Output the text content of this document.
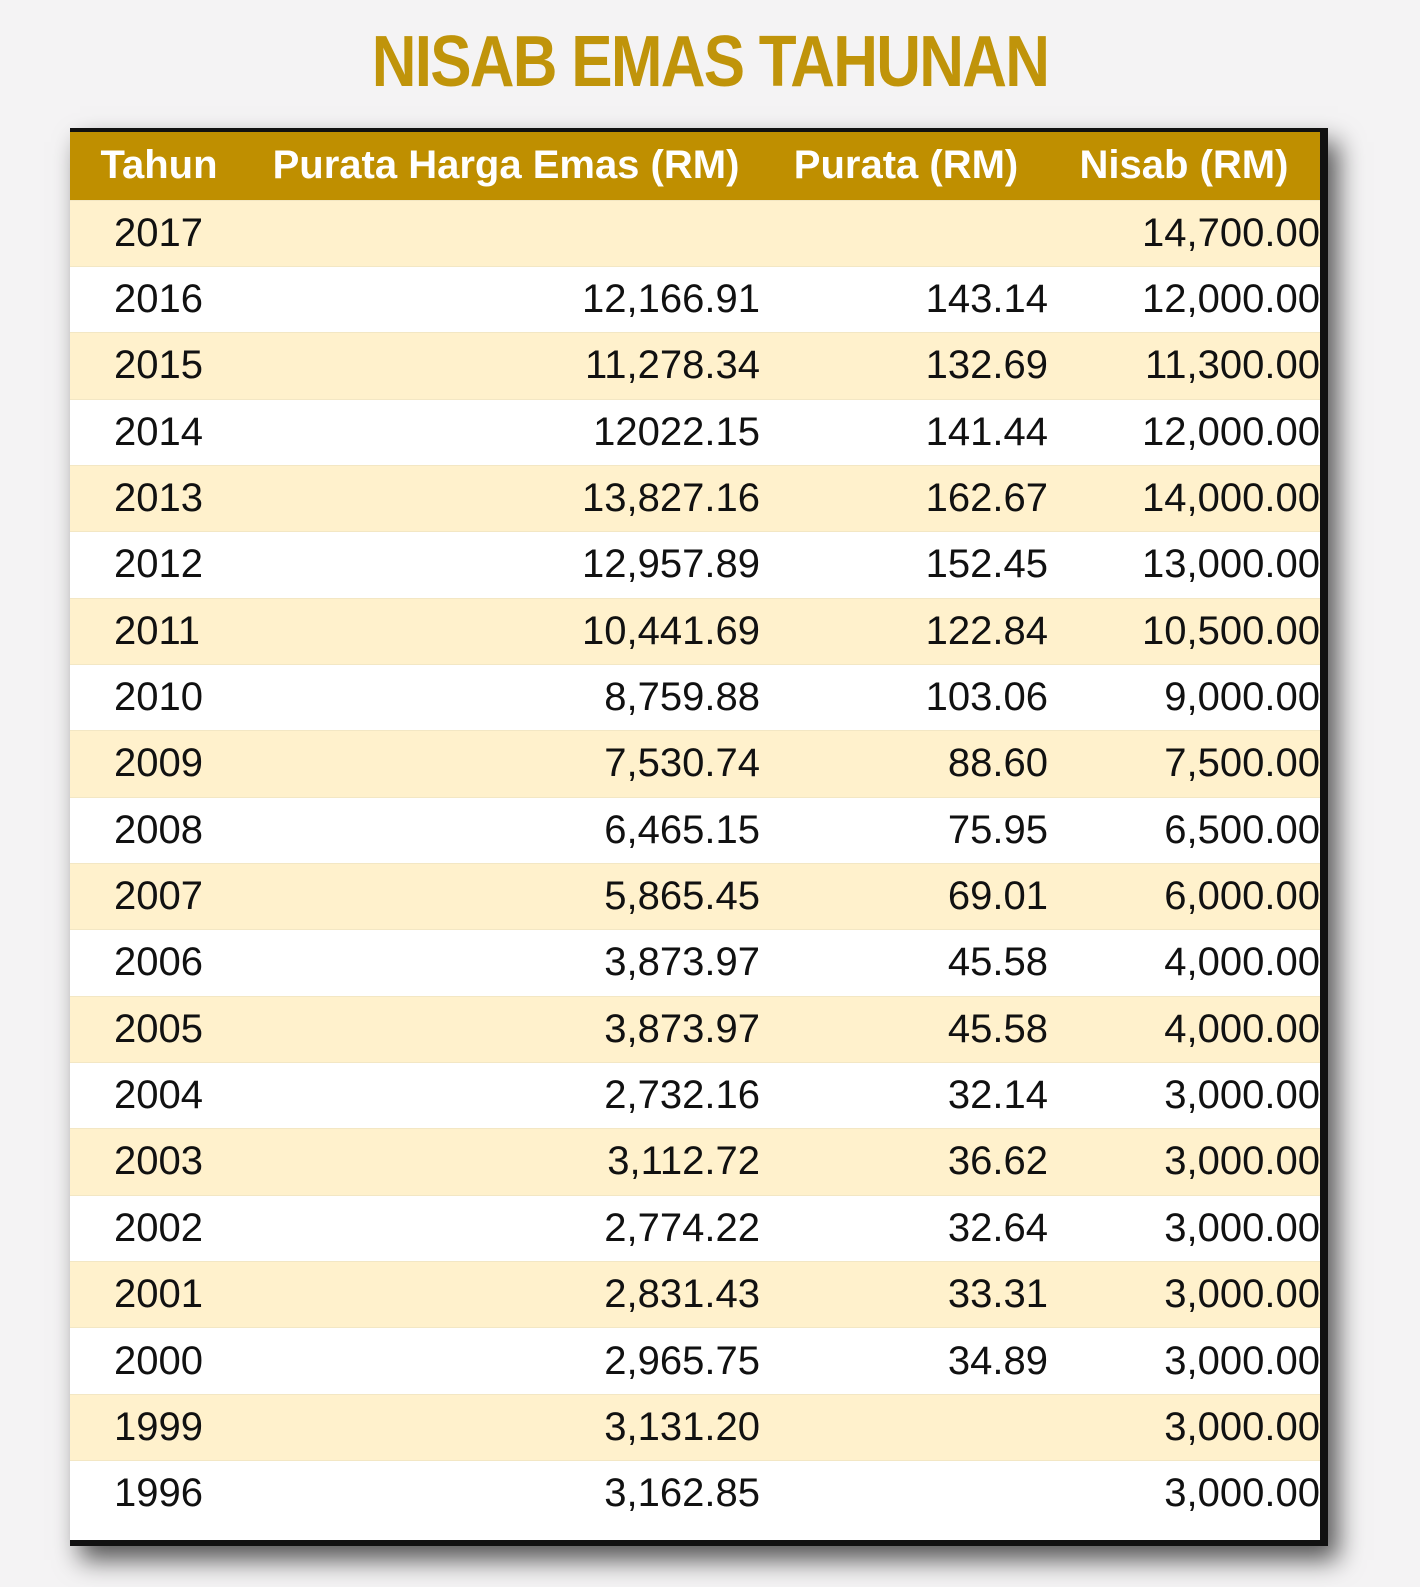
NISAB EMAS TAHUNAN
Tahun	Purata Harga Emas (RM)	Purata (RM)	Nisab (RM)
2017			14,700.00
2016	12,166.91	143.14	12,000.00
2015	11,278.34	132.69	11,300.00
2014	12022.15	141.44	12,000.00
2013	13,827.16	162.67	14,000.00
2012	12,957.89	152.45	13,000.00
2011	10,441.69	122.84	10,500.00
2010	8,759.88	103.06	9,000.00
2009	7,530.74	88.60	7,500.00
2008	6,465.15	75.95	6,500.00
2007	5,865.45	69.01	6,000.00
2006	3,873.97	45.58	4,000.00
2005	3,873.97	45.58	4,000.00
2004	2,732.16	32.14	3,000.00
2003	3,112.72	36.62	3,000.00
2002	2,774.22	32.64	3,000.00
2001	2,831.43	33.31	3,000.00
2000	2,965.75	34.89	3,000.00
1999	3,131.20		3,000.00
1996	3,162.85		3,000.00
